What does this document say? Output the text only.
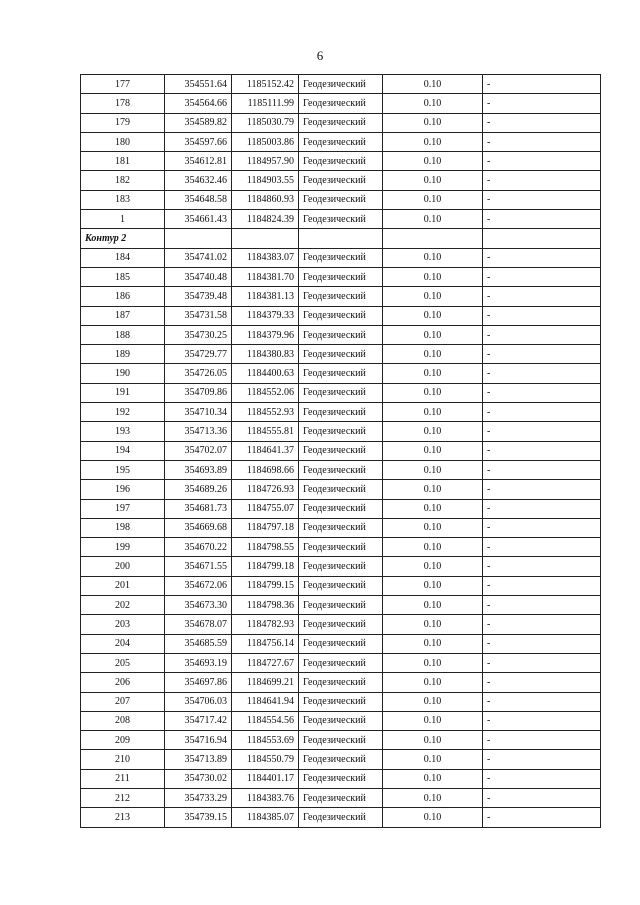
6
177	354551.64	1185152.42	Геодезический	0.10	-
178	354564.66	1185111.99	Геодезический	0.10	-
179	354589.82	1185030.79	Геодезический	0.10	-
180	354597.66	1185003.86	Геодезический	0.10	-
181	354612.81	1184957.90	Геодезический	0.10	-
182	354632.46	1184903.55	Геодезический	0.10	-
183	354648.58	1184860.93	Геодезический	0.10	-
1	354661.43	1184824.39	Геодезический	0.10	-
Контур 2					
184	354741.02	1184383.07	Геодезический	0.10	-
185	354740.48	1184381.70	Геодезический	0.10	-
186	354739.48	1184381.13	Геодезический	0.10	-
187	354731.58	1184379.33	Геодезический	0.10	-
188	354730.25	1184379.96	Геодезический	0.10	-
189	354729.77	1184380.83	Геодезический	0.10	-
190	354726.05	1184400.63	Геодезический	0.10	-
191	354709.86	1184552.06	Геодезический	0.10	-
192	354710.34	1184552.93	Геодезический	0.10	-
193	354713.36	1184555.81	Геодезический	0.10	-
194	354702.07	1184641.37	Геодезический	0.10	-
195	354693.89	1184698.66	Геодезический	0.10	-
196	354689.26	1184726.93	Геодезический	0.10	-
197	354681.73	1184755.07	Геодезический	0.10	-
198	354669.68	1184797.18	Геодезический	0.10	-
199	354670.22	1184798.55	Геодезический	0.10	-
200	354671.55	1184799.18	Геодезический	0.10	-
201	354672.06	1184799.15	Геодезический	0.10	-
202	354673.30	1184798.36	Геодезический	0.10	-
203	354678.07	1184782.93	Геодезический	0.10	-
204	354685.59	1184756.14	Геодезический	0.10	-
205	354693.19	1184727.67	Геодезический	0.10	-
206	354697.86	1184699.21	Геодезический	0.10	-
207	354706.03	1184641.94	Геодезический	0.10	-
208	354717.42	1184554.56	Геодезический	0.10	-
209	354716.94	1184553.69	Геодезический	0.10	-
210	354713.89	1184550.79	Геодезический	0.10	-
211	354730.02	1184401.17	Геодезический	0.10	-
212	354733.29	1184383.76	Геодезический	0.10	-
213	354739.15	1184385.07	Геодезический	0.10	-
